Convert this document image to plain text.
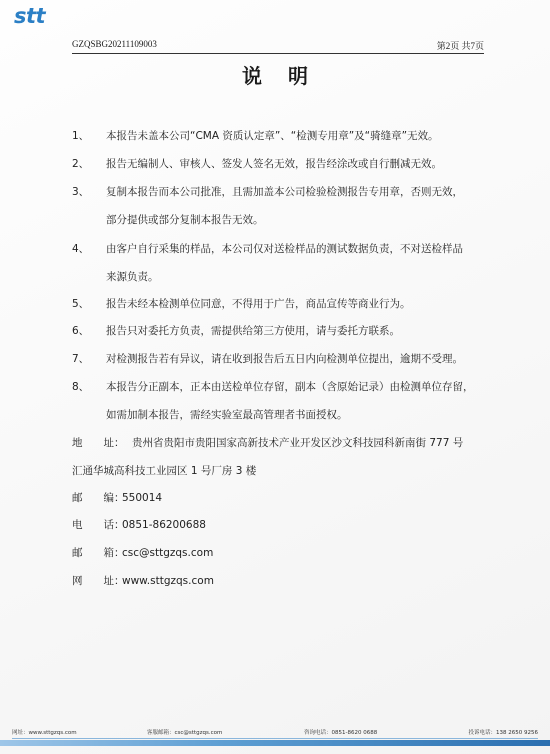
stt
GZQSBG20211109003	第2页 共7页
说明
1、	本报告未盖本公司“CMA 资质认定章”、“检测专用章”及“骑缝章”无效。
2、	报告无编制人、审核人、签发人签名无效，报告经涂改或自行删减无效。
3、	复制本报告而本公司批准，且需加盖本公司检验检测报告专用章，否则无效，
部分提供或部分复制本报告无效。
4、	由客户自行采集的样品，本公司仅对送检样品的测试数据负责，不对送检样品
来源负责。
5、	报告未经本检测单位同意，不得用于广告，商品宣传等商业行为。
6、	报告只对委托方负责，需提供给第三方使用，请与委托方联系。
7、	对检测报告若有异议，请在收到报告后五日内向检测单位提出，逾期不受理。
8、	本报告分正副本，正本由送检单位存留，副本（含原始记录）由检测单位存留，
如需加制本报告，需经实验室最高管理者书面授权。
地　　址： 贵州省贵阳市贵阳国家高新技术产业开发区沙文科技园科新南街 777 号
汇通华城高科技工业园区 1 号厂房 3 楼
邮　　编：
550014
电　　话：
0851-86200688
邮　　箱：
csc@sttgzqs.com
网　　址：
www.sttgzqs.com
网址：www.sttgzqs.com	客服邮箱：csc@sttgzqs.com	咨询电话：0851-8620 0688	投诉电话：138 2650 9256
